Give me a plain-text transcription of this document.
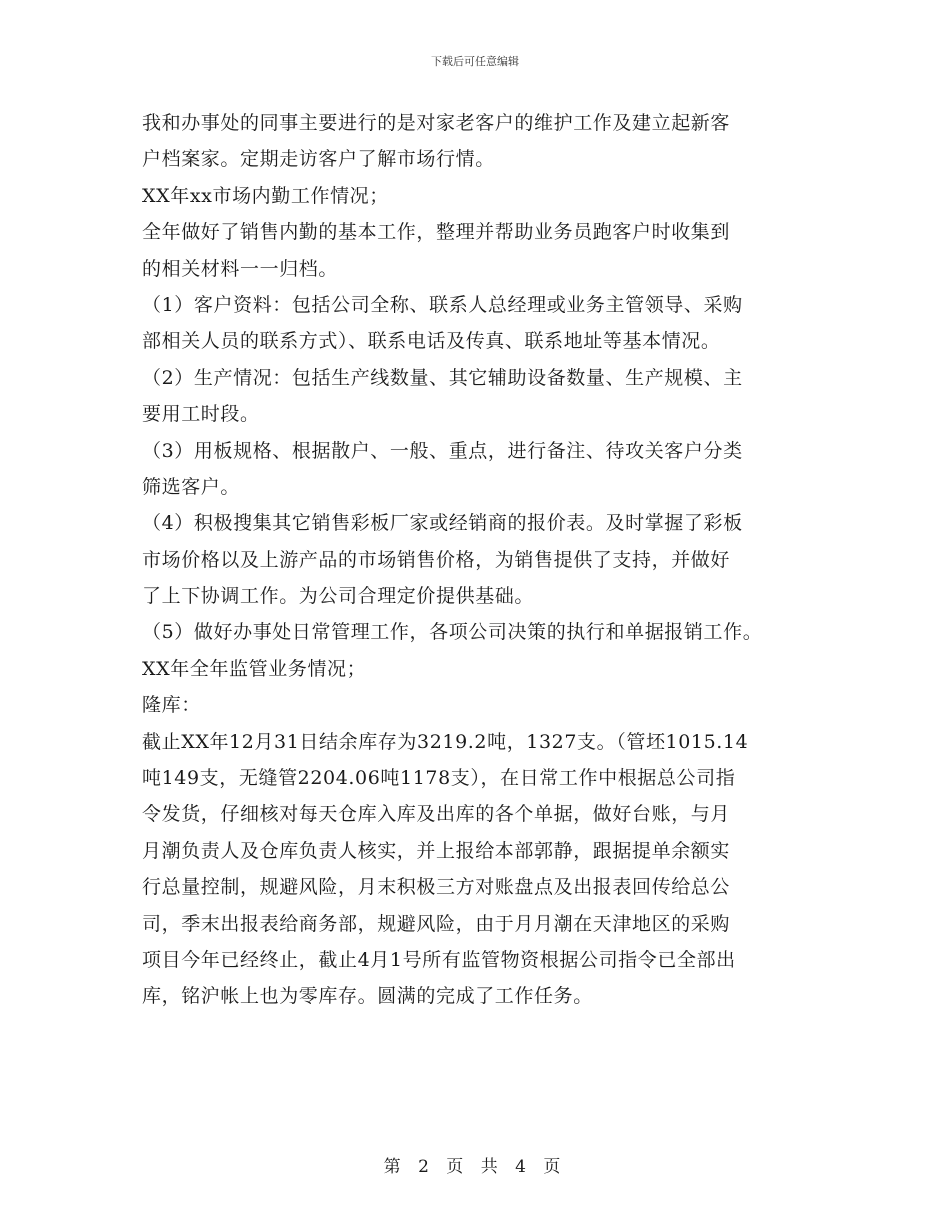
下载后可任意编辑
我和办事处的同事主要进行的是对家老客户的维护工作及建立起新客
户档案家。定期走访客户了解市场行情。
XX年xx市场内勤工作情况；
全年做好了销售内勤的基本工作，整理并帮助业务员跑客户时收集到
的相关材料一一归档。
（1）客户资料：包括公司全称、联系人总经理或业务主管领导、采购
部相关人员的联系方式）、联系电话及传真、联系地址等基本情况。
（2）生产情况：包括生产线数量、其它辅助设备数量、生产规模、主
要用工时段。
（3）用板规格、根据散户、一般、重点，进行备注、待攻关客户分类
筛选客户。
（4）积极搜集其它销售彩板厂家或经销商的报价表。及时掌握了彩板
市场价格以及上游产品的市场销售价格，为销售提供了支持，并做好
了上下协调工作。为公司合理定价提供基础。
（5）做好办事处日常管理工作，各项公司决策的执行和单据报销工作。
XX年全年监管业务情况；
隆库：
截止XX年12月31日结余库存为3219.2吨，1327支。（管坯1015.14
吨149支，无缝管2204.06吨1178支），在日常工作中根据总公司指
令发货，仔细核对每天仓库入库及出库的各个单据，做好台账，与月
月潮负责人及仓库负责人核实，并上报给本部郭静，跟据提单余额实
行总量控制，规避风险，月末积极三方对账盘点及出报表回传给总公
司，季末出报表给商务部，规避风险，由于月月潮在天津地区的采购
项目今年已经终止，截止4月1号所有监管物资根据公司指令已全部出
库，铭沪帐上也为零库存。圆满的完成了工作任务。
第 2 页 共 4 页
